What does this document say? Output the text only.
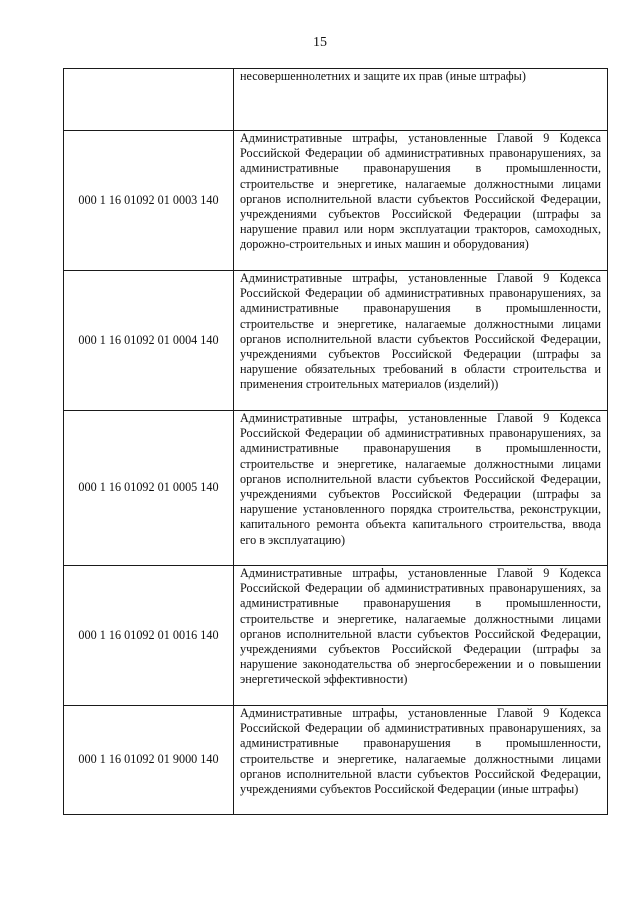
15

	несовершеннолетних и защите их прав (иные штрафы)

000 1 16 01092 01 0003 140	Административные штрафы, установленные Главой 9 Кодекса Российской Федерации об административных правонарушениях, за административные правонарушения в промышленности, строительстве и энергетике, налагаемые должностными лицами органов исполнительной власти субъектов Российской Федерации, учреждениями субъектов Российской Федерации (штрафы за нарушение правил или норм эксплуатации тракторов, самоходных, дорожно-строительных и иных машин и оборудования)

000 1 16 01092 01 0004 140	Административные штрафы, установленные Главой 9 Кодекса Российской Федерации об административных правонарушениях, за административные правонарушения в промышленности, строительстве и энергетике, налагаемые должностными лицами органов исполнительной власти субъектов Российской Федерации, учреждениями субъектов Российской Федерации (штрафы за нарушение обязательных требований в области строительства и применения строительных материалов (изделий))

000 1 16 01092 01 0005 140	Административные штрафы, установленные Главой 9 Кодекса Российской Федерации об административных правонарушениях, за административные правонарушения в промышленности, строительстве и энергетике, налагаемые должностными лицами органов исполнительной власти субъектов Российской Федерации, учреждениями субъектов Российской Федерации (штрафы за нарушение установленного порядка строительства, реконструкции, капитального ремонта объекта капитального строительства, ввода его в эксплуатацию)

000 1 16 01092 01 0016 140	Административные штрафы, установленные Главой 9 Кодекса Российской Федерации об административных правонарушениях, за административные правонарушения в промышленности, строительстве и энергетике, налагаемые должностными лицами органов исполнительной власти субъектов Российской Федерации, учреждениями субъектов Российской Федерации (штрафы за нарушение законодательства об энергосбережении и о повышении энергетической эффективности)

000 1 16 01092 01 9000 140	Административные штрафы, установленные Главой 9 Кодекса Российской Федерации об административных правонарушениях, за административные правонарушения в промышленности, строительстве и энергетике, налагаемые должностными лицами органов исполнительной власти субъектов Российской Федерации, учреждениями субъектов Российской Федерации (иные штрафы)
